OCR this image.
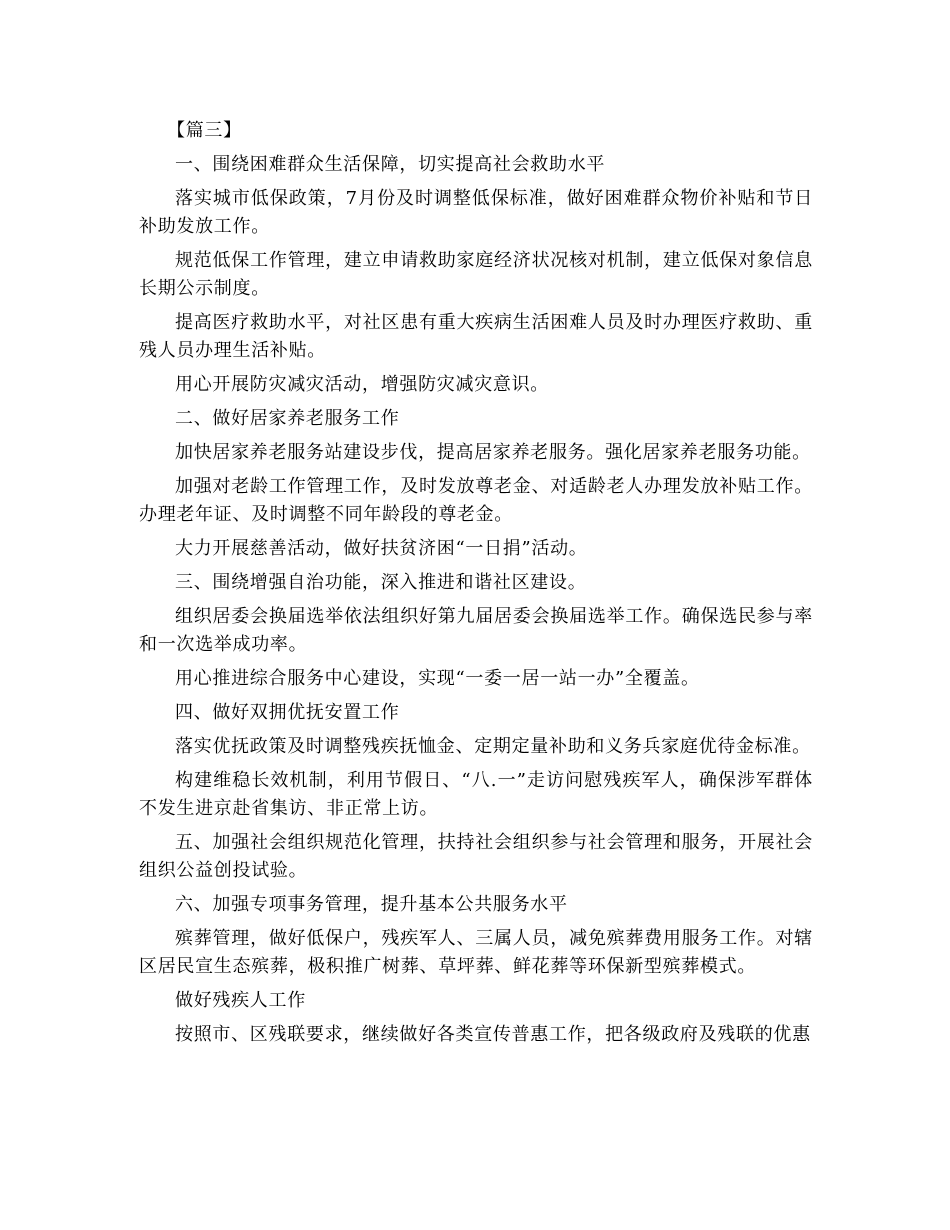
【篇三】

一、围绕困难群众生活保障，切实提高社会救助水平

落实城市低保政策，7月份及时调整低保标准，做好困难群众物价补贴和节日补助发放工作。

规范低保工作管理，建立申请救助家庭经济状况核对机制，建立低保对象信息长期公示制度。

提高医疗救助水平，对社区患有重大疾病生活困难人员及时办理医疗救助、重残人员办理生活补贴。

用心开展防灾减灾活动，增强防灾减灾意识。

二、做好居家养老服务工作

加快居家养老服务站建设步伐，提高居家养老服务。强化居家养老服务功能。

加强对老龄工作管理工作，及时发放尊老金、对适龄老人办理发放补贴工作。办理老年证、及时调整不同年龄段的尊老金。

大力开展慈善活动，做好扶贫济困“一日捐”活动。

三、围绕增强自治功能，深入推进和谐社区建设。

组织居委会换届选举依法组织好第九届居委会换届选举工作。确保选民参与率和一次选举成功率。

用心推进综合服务中心建设，实现“一委一居一站一办”全覆盖。

四、做好双拥优抚安置工作

落实优抚政策及时调整残疾抚恤金、定期定量补助和义务兵家庭优待金标准。

构建维稳长效机制，利用节假日、“八.一”走访问慰残疾军人，确保涉军群体不发生进京赴省集访、非正常上访。

五、加强社会组织规范化管理，扶持社会组织参与社会管理和服务，开展社会组织公益创投试验。

六、加强专项事务管理，提升基本公共服务水平

殡葬管理，做好低保户，残疾军人、三属人员，减免殡葬费用服务工作。对辖区居民宣生态殡葬，极积推广树葬、草坪葬、鲜花葬等环保新型殡葬模式。

做好残疾人工作

按照市、区残联要求，继续做好各类宣传普惠工作，把各级政府及残联的优惠
